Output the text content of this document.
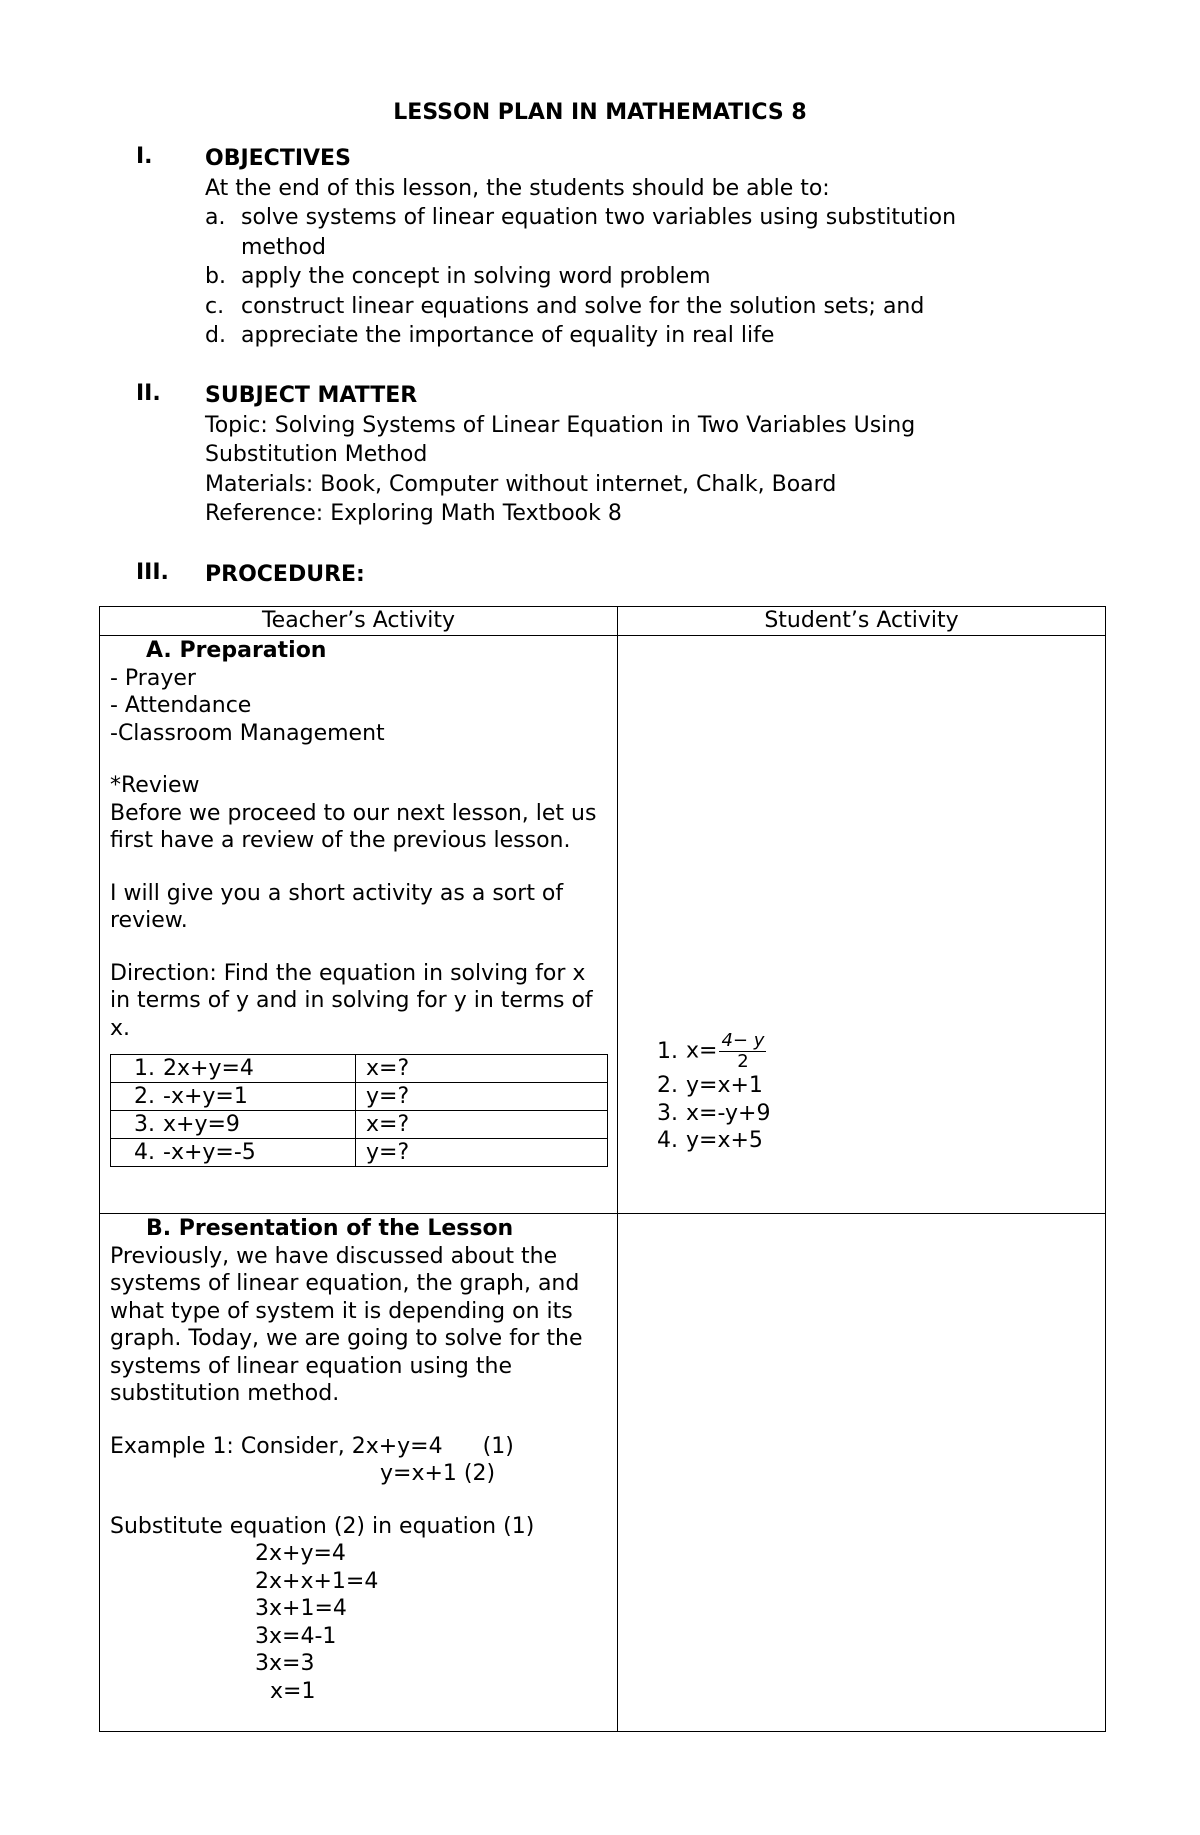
LESSON PLAN IN MATHEMATICS 8
I. OBJECTIVES
At the end of this lesson, the students should be able to:
a. solve systems of linear equation two variables using substitution method
b. apply the concept in solving word problem
c. construct linear equations and solve for the solution sets; and
d. appreciate the importance of equality in real life
II. SUBJECT MATTER
Topic: Solving Systems of Linear Equation in Two Variables Using Substitution Method
Materials: Book, Computer without internet, Chalk, Board
Reference: Exploring Math Textbook 8
III. PROCEDURE:
Teacher’s Activity	Student’s Activity

A. Preparation
- Prayer
- Attendance
-Classroom Management
*Review
Before we proceed to our next lesson, let us first have a review of the previous lesson.
I will give you a short activity as a sort of review.
Direction: Find the equation in solving for x in terms of y and in solving for y in terms of x.
1. 2x+y=4	x=?
2. -x+y=1	y=?
3. x+y=9	x=?
4. -x+y=-5	y=?

1. $x= \frac{4- y}{2}$
2. y=x+1
3. x=-y+9
4. y=x+5

B. Presentation of the Lesson
Previously, we have discussed about the systems of linear equation, the graph, and what type of system it is depending on its graph. Today, we are going to solve for the systems of linear equation using the substitution method.
Example 1: Consider, 2x+y=4 (1)
y=x+1 (2)
Substitute equation (2) in equation (1)
2x+y=4
2x+x+1=4
3x+1=4
3x=4-1
3x=3
x=1
